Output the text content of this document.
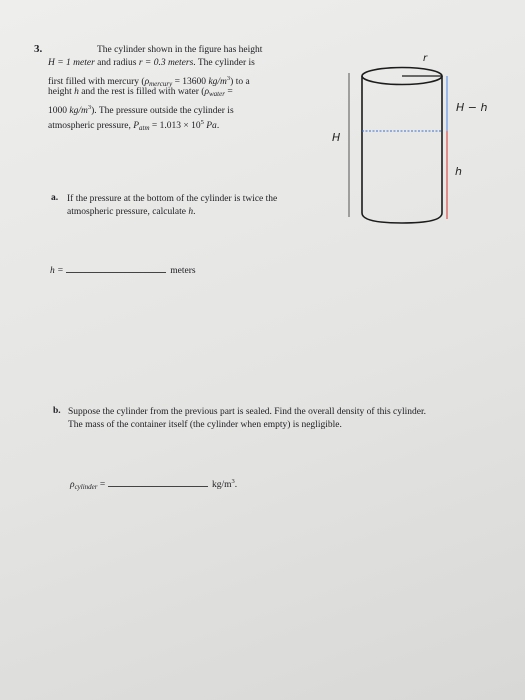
3.	The cylinder shown in the figure has height
H = 1 meter and radius r = 0.3 meters. The cylinder is
first filled with mercury ($\rho_{mercury} = 13600$ $kg/m^3$) to a
height h and the rest is filled with water ($\rho_{water}$ =
1000 $kg/m^3$). The pressure outside the cylinder is
atmospheric pressure, $P_{atm} = 1.013 \times 10^5$ Pa.
a. If the pressure at the bottom of the cylinder is twice the
atmospheric pressure, calculate h.
h =	meters
b. Suppose the cylinder from the previous part is sealed. Find the overall density of this cylinder.
The mass of the container itself (the cylinder when empty) is negligible.
$\rho_{cylinder}$ =	$kg/m^3$.
r
H − h
H
h
